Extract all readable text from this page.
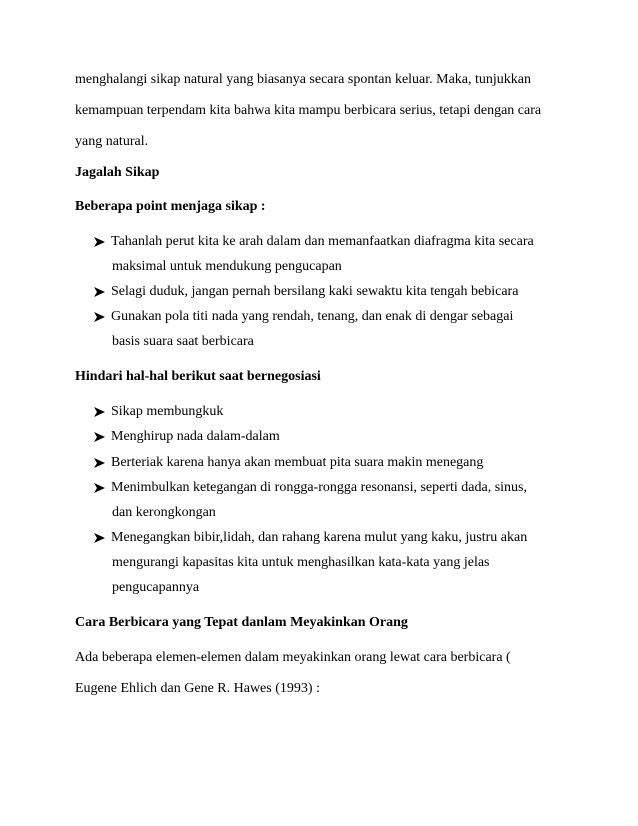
menghalangi sikap natural yang biasanya secara spontan keluar. Maka, tunjukkan
kemampuan terpendam kita bahwa kita mampu berbicara serius, tetapi dengan cara
yang natural.
Jagalah Sikap
Beberapa point menjaga sikap :
Tahanlah perut kita ke arah dalam dan memanfaatkan diafragma kita secara
maksimal untuk mendukung pengucapan
Selagi duduk, jangan pernah bersilang kaki sewaktu kita tengah bebicara
Gunakan pola titi nada yang rendah, tenang, dan enak di dengar sebagai
basis suara saat berbicara
Hindari hal-hal berikut saat bernegosiasi
Sikap membungkuk
Menghirup nada dalam-dalam
Berteriak karena hanya akan membuat pita suara makin menegang
Menimbulkan ketegangan di rongga-rongga resonansi, seperti dada, sinus,
dan kerongkongan
Menegangkan bibir,lidah, dan rahang karena mulut yang kaku, justru akan
mengurangi kapasitas kita untuk menghasilkan kata-kata yang jelas
pengucapannya
Cara Berbicara yang Tepat danlam Meyakinkan Orang
Ada beberapa elemen-elemen dalam meyakinkan orang lewat cara berbicara (
Eugene Ehlich dan Gene R. Hawes (1993) :
